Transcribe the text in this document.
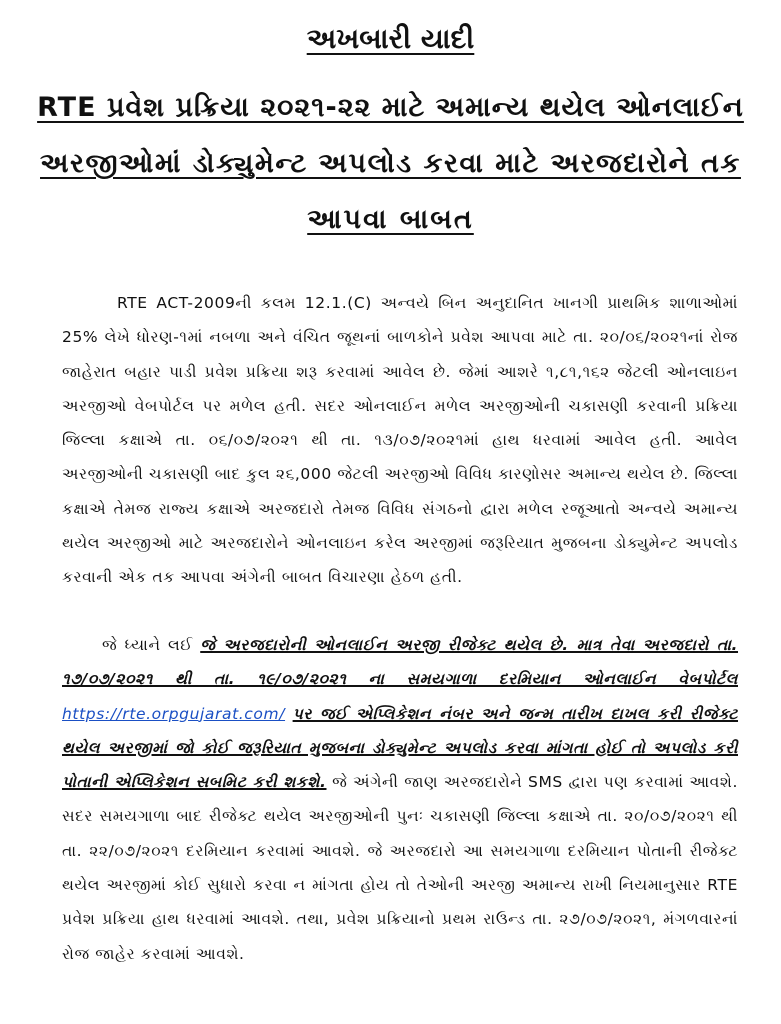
અખબારી યાદી
RTE પ્રવેશ પ્રક્રિયા ૨૦૨૧-૨૨ માટે અમાન્ય થયેલ ઓનલાઈન
અરજીઓમાં ડોક્યુમેન્ટ અપલોડ કરવા માટે અરજદારોને તક
આપવા બાબત

RTE ACT-2009ની કલમ 12.1.(C) અન્વયે બિન અનુદાનિત ખાનગી પ્રાથમિક શાળાઓમાં 25% લેખે ધોરણ-૧માં નબળા અને વંચિત જૂથનાં બાળકોને પ્રવેશ આપવા માટે તા. ૨૦/૦૬/૨૦૨૧નાં રોજ જાહેરાત બહાર પાડી પ્રવેશ પ્રક્રિયા શરૂ કરવામાં આવેલ છે. જેમાં આશરે ૧,૮૧,૧૬૨ જેટલી ઓનલાઇન અરજીઓ વેબપોર્ટલ પર મળેલ હતી. સદર ઓનલાઈન મળેલ અરજીઓની ચકાસણી કરવાની પ્રક્રિયા જિલ્લા કક્ષાએ તા. ૦૬/૦૭/૨૦૨૧ થી તા. ૧૩/૦૭/૨૦૨૧માં હાથ ધરવામાં આવેલ હતી. આવેલ અરજીઓની ચકાસણી બાદ કુલ ૨૬,000 જેટલી અરજીઓ વિવિધ કારણોસર અમાન્ય થયેલ છે. જિલ્લા કક્ષાએ તેમજ રાજ્ય કક્ષાએ અરજદારો તેમજ વિવિધ સંગઠનો દ્વારા મળેલ રજૂઆતો અન્વયે અમાન્ય થયેલ અરજીઓ માટે અરજદારોને ઓનલાઇન કરેલ અરજીમાં જરૂરિયાત મુજબના ડોક્યુમેન્ટ અપલોડ કરવાની એક તક આપવા અંગેની બાબત વિચારણા હેઠળ હતી.

જે ધ્યાને લઈ જે અરજદારોની ઓનલાઈન અરજી રીજેક્ટ થયેલ છે. માત્ર તેવા અરજદારો તા. ૧૭/૦૭/૨૦૨૧ થી તા. ૧૯/૦૭/૨૦૨૧ ના સમયગાળા દરમિયાન ઓનલાઈન વેબપોર્ટલ https://rte.orpgujarat.com/ પર જઈ એપ્લિકેશન નંબર અને જન્મ તારીખ દાખલ કરી રીજેક્ટ થયેલ અરજીમાં જો કોઈ જરૂરિયાત મુજબના ડોક્યુમેન્ટ અપલોડ કરવા માંગતા હોઈ તો અપલોડ કરી પોતાની એપ્લિકેશન સબમિટ કરી શકશે. જે અંગેની જાણ અરજદારોને SMS દ્વારા પણ કરવામાં આવશે. સદર સમયગાળા બાદ રીજેક્ટ થયેલ અરજીઓની પુનઃ ચકાસણી જિલ્લા કક્ષાએ તા. ૨૦/૦૭/૨૦૨૧ થી તા. ૨૨/૦૭/૨૦૨૧ દરમિયાન કરવામાં આવશે. જે અરજદારો આ સમયગાળા દરમિયાન પોતાની રીજેક્ટ થયેલ અરજીમાં કોઈ સુધારો કરવા ન માંગતા હોય તો તેઓની અરજી અમાન્ય રાખી નિયમાનુસાર RTE પ્રવેશ પ્રક્રિયા હાથ ધરવામાં આવશે. તથા, પ્રવેશ પ્રક્રિયાનો પ્રથમ રાઉન્ડ તા. ૨૭/૦૭/૨૦૨૧, મંગળવારનાં રોજ જાહેર કરવામાં આવશે.
